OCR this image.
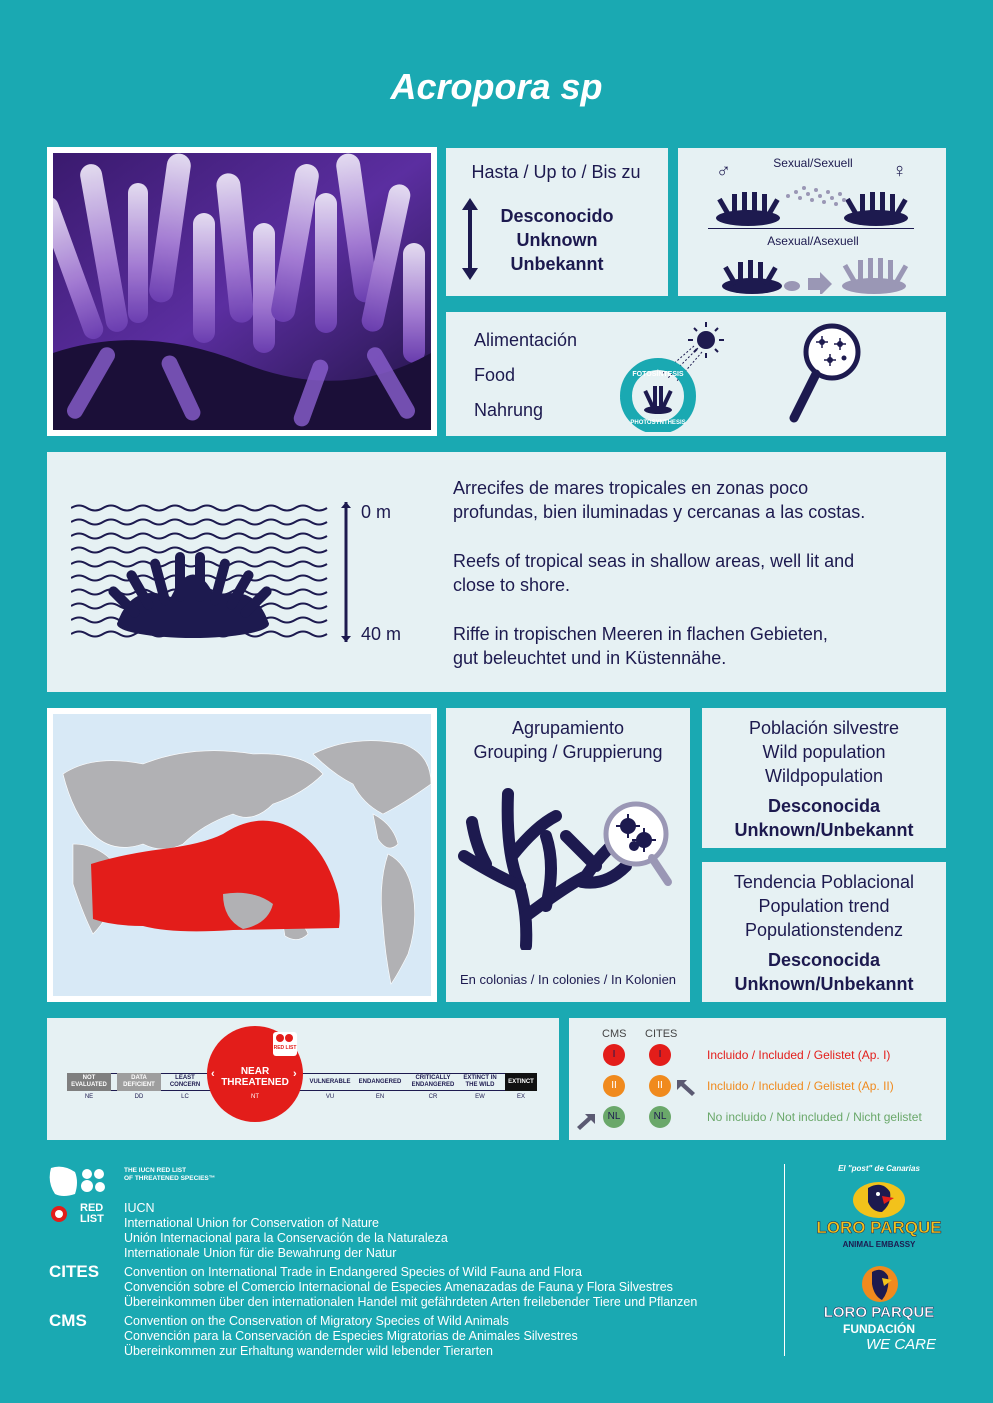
Acropora sp
Hasta / Up to / Bis zu
Desconocido
Unknown
Unbekannt
Sexual/Sexuell
♂	♀
Asexual/Asexuell
Alimentación
Food
Nahrung
FOTOSÍNTESIS
PHOTOSYNTHESIS
0 m
40 m
Arrecifes de mares tropicales en zonas poco
profundas, bien iluminadas y cercanas a las costas.
Reefs of tropical seas in shallow areas, well lit and
close to shore.
Riffe in tropischen Meeren in flachen Gebieten,
gut beleuchtet und in Küstennähe.
Agrupamiento
Grouping / Gruppierung
En colonias / In colonies / In Kolonien
Población silvestre
Wild population
Wildpopulation
Desconocida
Unknown/Unbekannt
Tendencia Poblacional
Population trend
Populationstendenz
Desconocida
Unknown/Unbekannt
NOT EVALUATED
DATA DEFICIENT
LEAST CONCERN
VULNERABLE	ENDANGERED
CRITICALLY ENDANGERED
EXTINCT IN THE WILD
EXTINCT
NE	DD	LC	VU	EN	CR	EW	EX
NEAR
THREATENED
‹	›
NT
RED LIST
CMS CITES
I	I
II	II
NL	NL
Incluido / Included / Gelistet (Ap. I)
Incluido / Included / Gelistet (Ap. II)
No incluido / Not included / Nicht gelistet
RED
LIST
THE IUCN RED LIST
OF THREATENED SPECIES™
IUCN
International Union for Conservation of Nature
Unión Internacional para la Conservación de la Naturaleza
Internationale Union für die Bewahrung der Natur
CITES Convention on International Trade in Endangered Species of Wild Fauna and Flora
Convención sobre el Comercio Internacional de Especies Amenazadas de Fauna y Flora Silvestres
Übereinkommen über den internationalen Handel mit gefährdeten Arten freilebender Tiere und Pflanzen
CMS	Convention on the Conservation of Migratory Species of Wild Animals
Convención para la Conservación de Especies Migratorias de Animales Silvestres
Übereinkommen zur Erhaltung wandernder wild lebender Tierarten
El "post" de Canarias
LORO PARQUE
ANIMAL EMBASSY
LORO PARQUE
FUNDACIÓN
WE CARE
